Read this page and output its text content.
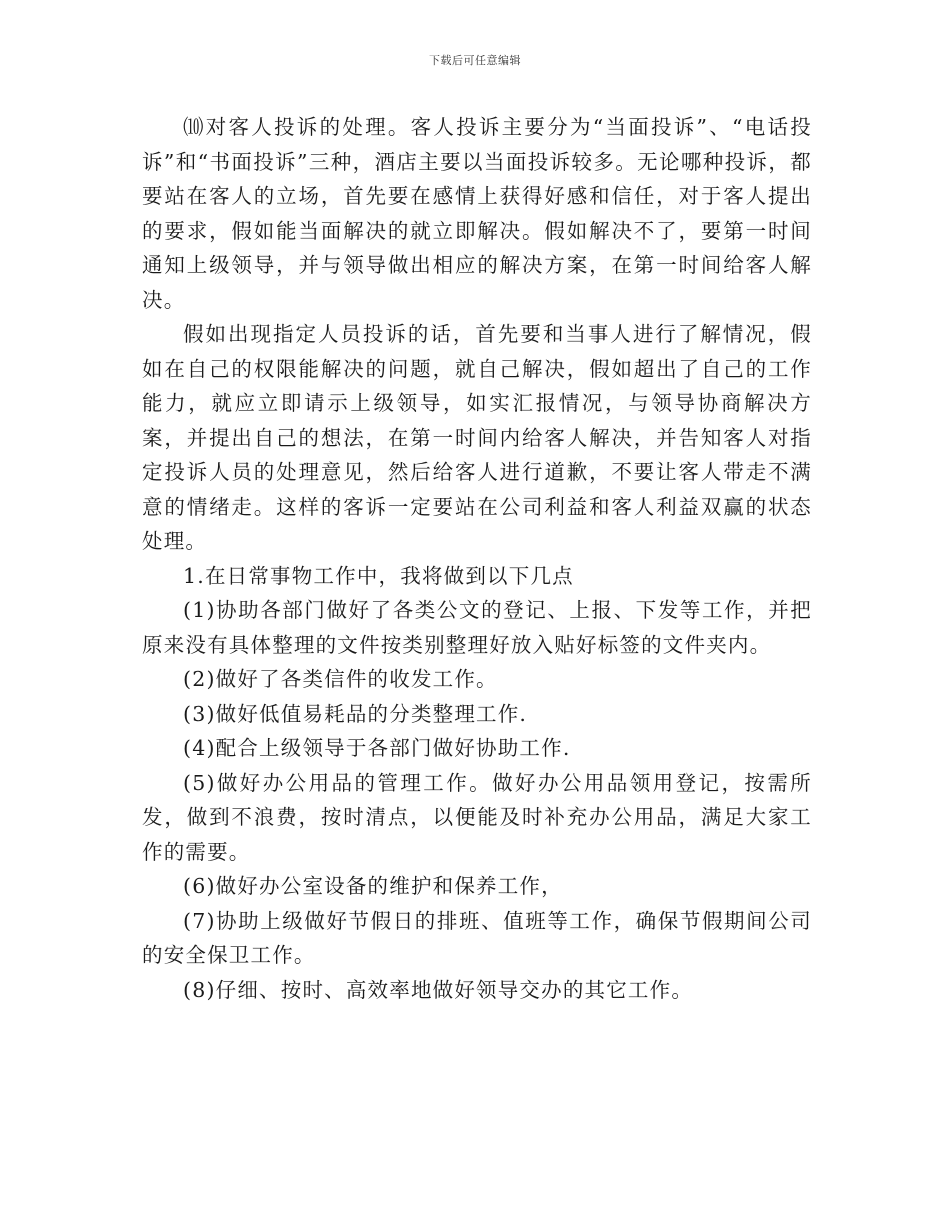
下载后可任意编辑

⑽对客人投诉的处理。客人投诉主要分为“当面投诉”、“电话投诉”和“书面投诉”三种，酒店主要以当面投诉较多。无论哪种投诉，都要站在客人的立场，首先要在感情上获得好感和信任，对于客人提出的要求，假如能当面解决的就立即解决。假如解决不了，要第一时间通知上级领导，并与领导做出相应的解决方案，在第一时间给客人解决。

假如出现指定人员投诉的话，首先要和当事人进行了解情况，假如在自己的权限能解决的问题，就自己解决，假如超出了自己的工作能力，就应立即请示上级领导，如实汇报情况，与领导协商解决方案，并提出自己的想法，在第一时间内给客人解决，并告知客人对指定投诉人员的处理意见，然后给客人进行道歉，不要让客人带走不满意的情绪走。这样的客诉一定要站在公司利益和客人利益双赢的状态处理。

1.在日常事物工作中，我将做到以下几点

(1)协助各部门做好了各类公文的登记、上报、下发等工作，并把原来没有具体整理的文件按类别整理好放入贴好标签的文件夹内。

(2)做好了各类信件的收发工作。

(3)做好低值易耗品的分类整理工作.

(4)配合上级领导于各部门做好协助工作.

(5)做好办公用品的管理工作。做好办公用品领用登记，按需所发，做到不浪费，按时清点，以便能及时补充办公用品，满足大家工作的需要。

(6)做好办公室设备的维护和保养工作，

(7)协助上级做好节假日的排班、值班等工作，确保节假期间公司的安全保卫工作。

(8)仔细、按时、高效率地做好领导交办的其它工作。
